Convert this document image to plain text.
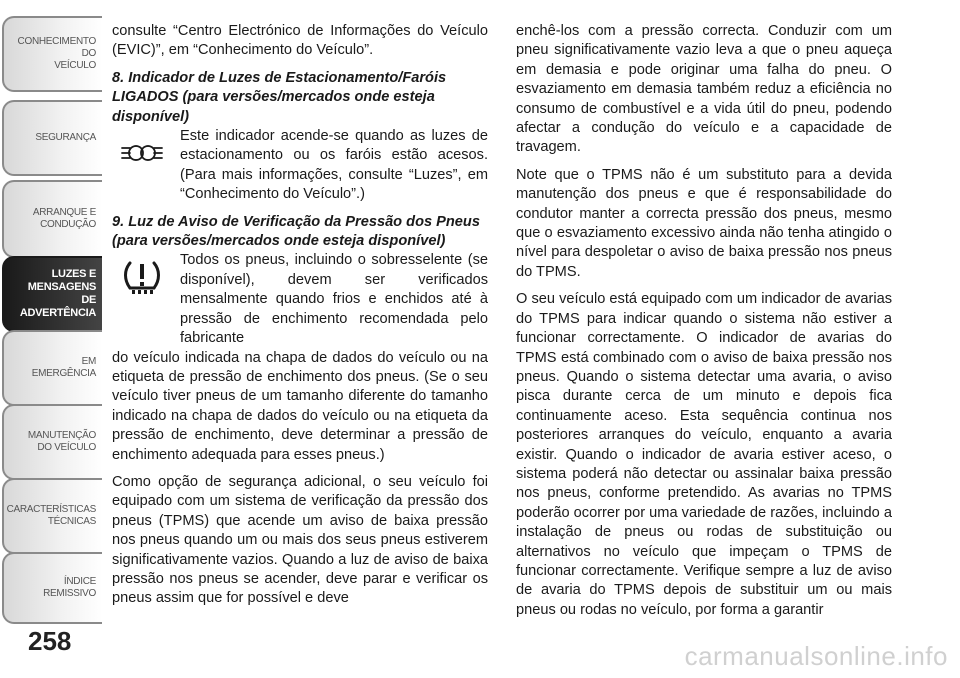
CONHECIMENTO
DO
VEÍCULO
SEGURANÇA
ARRANQUE E
CONDUÇÃO
LUZES E
MENSAGENS
DE
ADVERTÊNCIA
EM
EMERGÊNCIA
MANUTENÇÃO
DO VEÍCULO
CARACTERÍSTICAS
TÉCNICAS
ÍNDICE
REMISSIVO
258

consulte “Centro Electrónico de Informações do Veículo (EVIC)”, em “Conhecimento do Veículo”.

8. Indicador de Luzes de Estacionamento/Faróis LIGADOS (para versões/mercados onde esteja disponível)

Este indicador acende-se quando as luzes de estacionamento ou os faróis estão acesos. (Para mais informações, consulte “Luzes”, em “Conhecimento do Veículo”.)

9. Luz de Aviso de Verificação da Pressão dos Pneus (para versões/mercados onde esteja disponível)

Todos os pneus, incluindo o sobresselente (se disponível), devem ser verificados mensalmente quando frios e enchidos até à pressão de enchimento recomendada pelo fabricante

do veículo indicada na chapa de dados do veículo ou na etiqueta de pressão de enchimento dos pneus. (Se o seu veículo tiver pneus de um tamanho diferente do tamanho indicado na chapa de dados do veículo ou na etiqueta da pressão de enchimento, deve determinar a pressão de enchimento adequada para esses pneus.)

Como opção de segurança adicional, o seu veículo foi equipado com um sistema de verificação da pressão dos pneus (TPMS) que acende um aviso de baixa pressão nos pneus quando um ou mais dos seus pneus estiverem significativamente vazios. Quando a luz de aviso de baixa pressão nos pneus se acender, deve parar e verificar os pneus assim que for possível e deve

enchê-los com a pressão correcta. Conduzir com um pneu significativamente vazio leva a que o pneu aqueça em demasia e pode originar uma falha do pneu. O esvaziamento em demasia também reduz a eficiência no consumo de combustível e a vida útil do pneu, podendo afectar a condução do veículo e a capacidade de travagem.

Note que o TPMS não é um substituto para a devida manutenção dos pneus e que é responsabilidade do condutor manter a correcta pressão dos pneus, mesmo que o esvaziamento excessivo ainda não tenha atingido o nível para despoletar o aviso de baixa pressão nos pneus do TPMS.

O seu veículo está equipado com um indicador de avarias do TPMS para indicar quando o sistema não estiver a funcionar correctamente. O indicador de avarias do TPMS está combinado com o aviso de baixa pressão nos pneus. Quando o sistema detectar uma avaria, o aviso pisca durante cerca de um minuto e depois fica continuamente aceso. Esta sequência continua nos posteriores arranques do veículo, enquanto a avaria existir. Quando o indicador de avaria estiver aceso, o sistema poderá não detectar ou assinalar baixa pressão nos pneus, conforme pretendido. As avarias no TPMS poderão ocorrer por uma variedade de razões, incluindo a instalação de pneus ou rodas de substituição ou alternativos no veículo que impeçam o TPMS de funcionar correctamente. Verifique sempre a luz de aviso de avaria do TPMS depois de substituir um ou mais pneus ou rodas no veículo, por forma a garantir

carmanualsonline.info
